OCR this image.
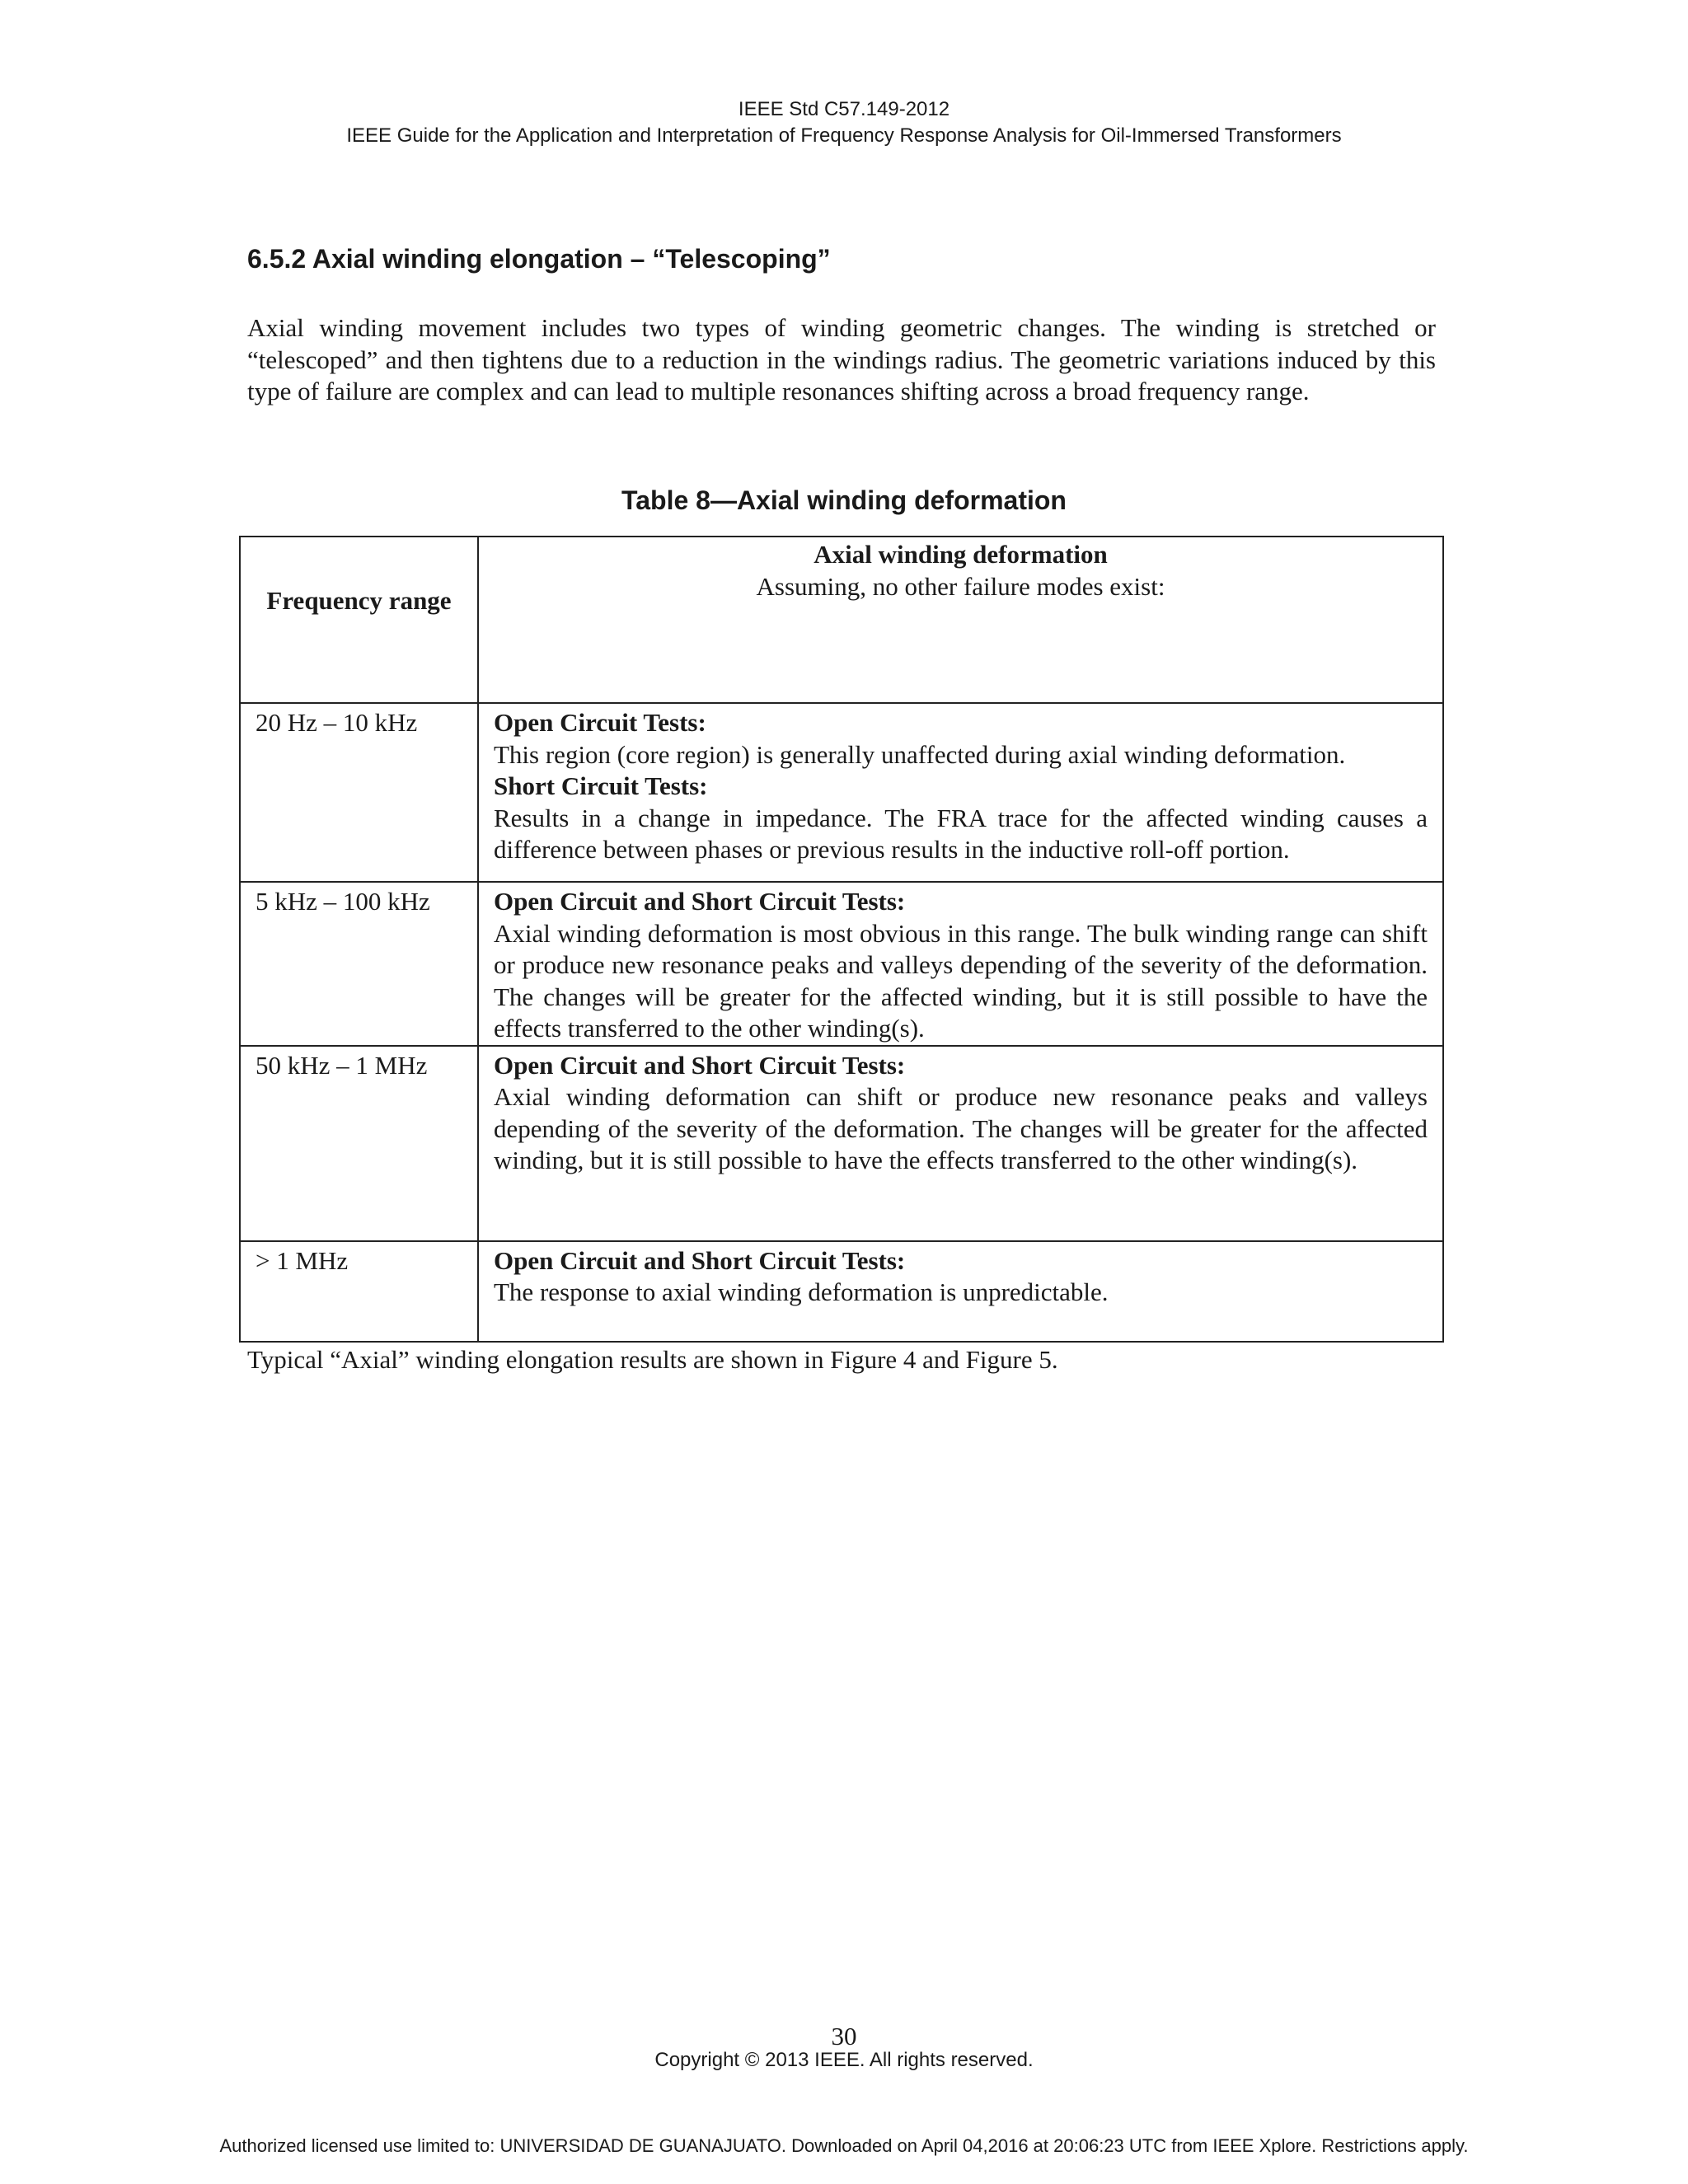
IEEE Std C57.149-2012
IEEE Guide for the Application and Interpretation of Frequency Response Analysis for Oil-Immersed Transformers
6.5.2 Axial winding elongation – “Telescoping”

Axial winding movement includes two types of winding geometric changes. The winding is stretched or “telescoped” and then tightens due to a reduction in the windings radius. The geometric variations induced by this type of failure are complex and can lead to multiple resonances shifting across a broad frequency range.

Table 8—Axial winding deformation
Frequency range	Axial winding deformation
Assuming, no other failure modes exist:

20 Hz – 10 kHz	Open Circuit Tests:
This region (core region) is generally unaffected during axial winding deformation.
Short Circuit Tests:
Results in a change in impedance. The FRA trace for the affected winding causes a difference between phases or previous results in the inductive roll-off portion.

5 kHz – 100 kHz	Open Circuit and Short Circuit Tests:
Axial winding deformation is most obvious in this range. The bulk winding range can shift or produce new resonance peaks and valleys depending of the severity of the deformation. The changes will be greater for the affected winding, but it is still possible to have the effects transferred to the other winding(s).

50 kHz – 1 MHz	Open Circuit and Short Circuit Tests:
Axial winding deformation can shift or produce new resonance peaks and valleys depending of the severity of the deformation. The changes will be greater for the affected winding, but it is still possible to have the effects transferred to the other winding(s).

> 1 MHz	Open Circuit and Short Circuit Tests:
The response to axial winding deformation is unpredictable.

Typical “Axial” winding elongation results are shown in Figure 4 and Figure 5.

30
Copyright © 2013 IEEE. All rights reserved.
Authorized licensed use limited to: UNIVERSIDAD DE GUANAJUATO. Downloaded on April 04,2016 at 20:06:23 UTC from IEEE Xplore. Restrictions apply.
